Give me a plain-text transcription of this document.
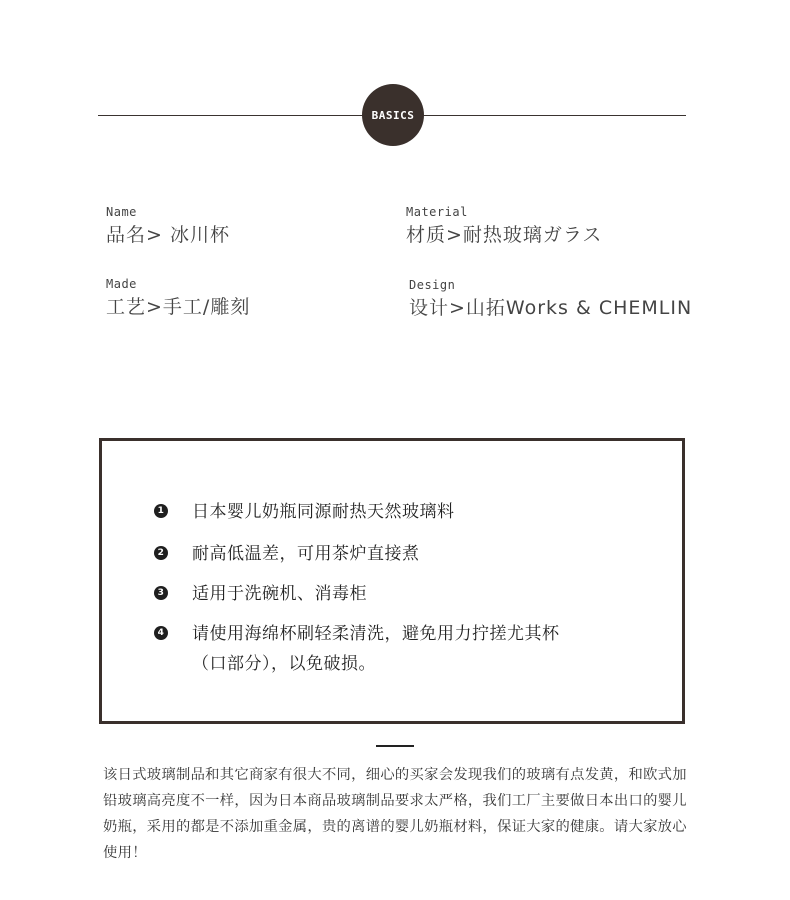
BASICS
Name
品名> 冰川杯
Material
材质>耐热玻璃ガラス
Made
工艺>手工/雕刻
Design
设计>山拓Works & CHEMLIN
1 日本婴儿奶瓶同源耐热天然玻璃料
2 耐高低温差，可用茶炉直接煮
3 适用于洗碗机、消毒柜
4 请使用海绵杯刷轻柔清洗，避免用力拧搓尤其杯
（口部分），以免破损。
该日式玻璃制品和其它商家有很大不同，细心的买家会发现我们的玻璃有点发黄，和欧式加铅玻璃高亮度不一样，因为日本商品玻璃制品要求太严格，我们工厂主要做日本出口的婴儿奶瓶，采用的都是不添加重金属，贵的离谱的婴儿奶瓶材料，保证大家的健康。请大家放心使用！
